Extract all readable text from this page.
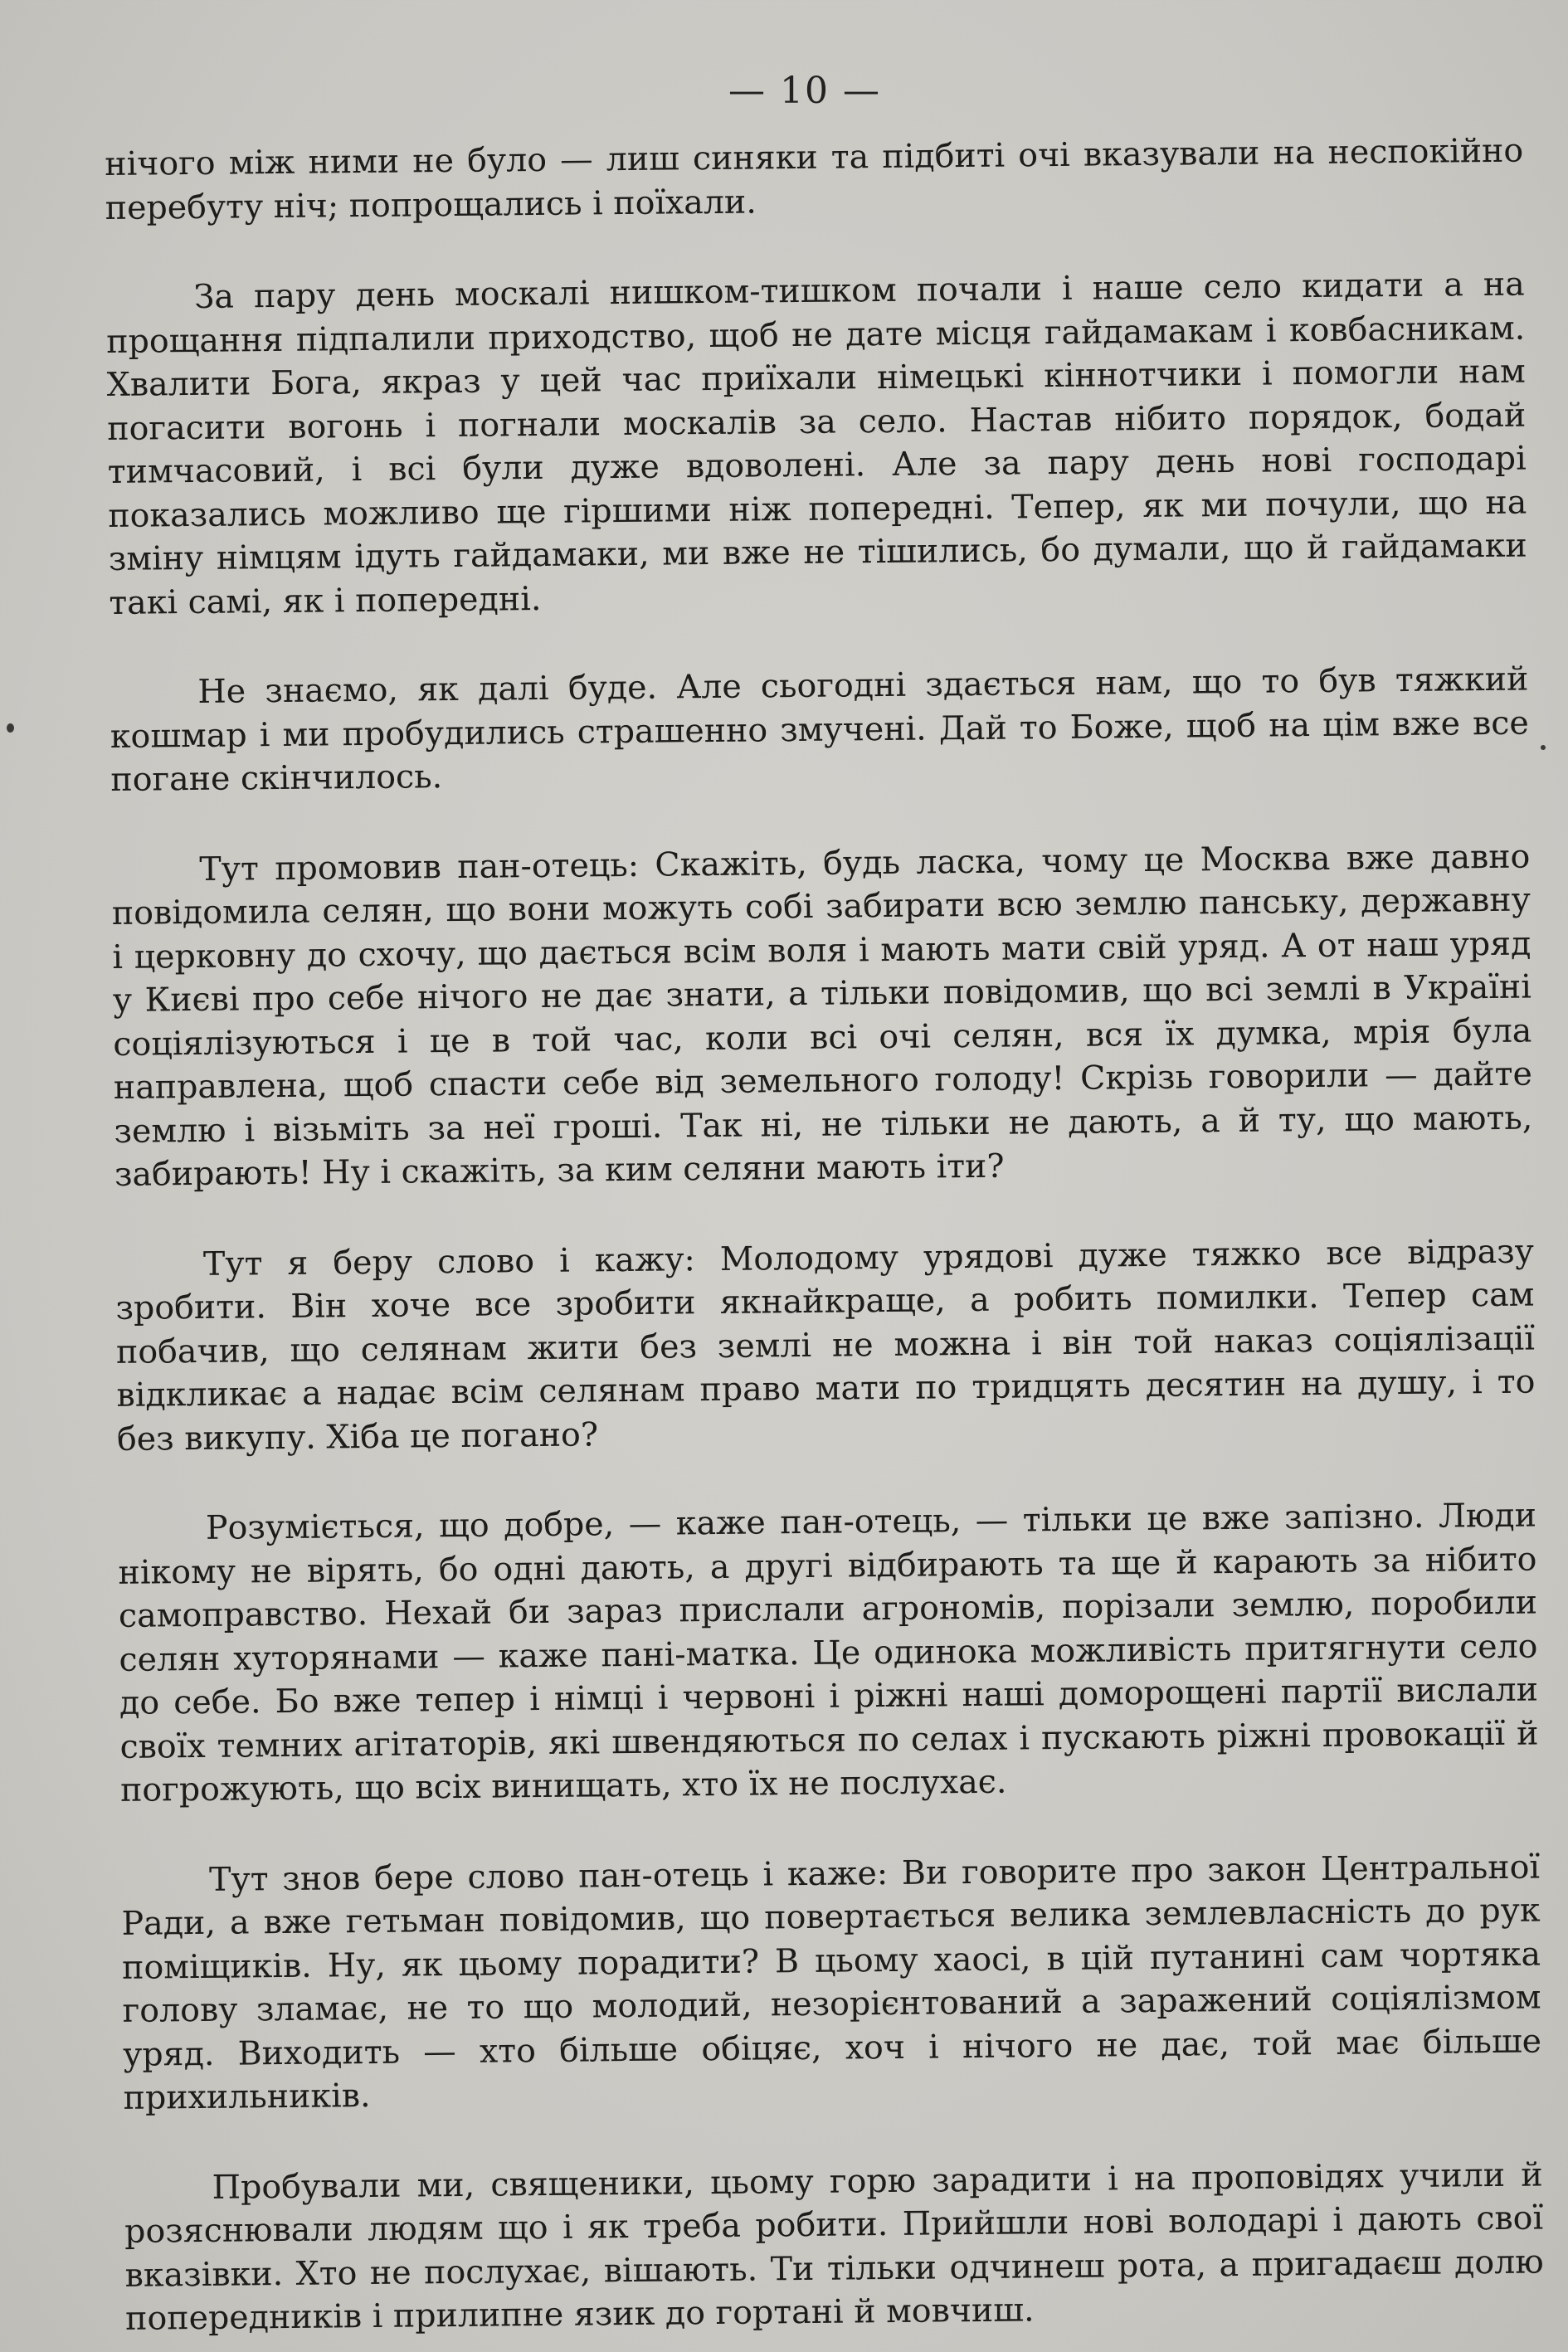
— 10 —

нічого між ними не було — лиш синяки та підбиті очі вказували на неспокійно перебуту ніч; попрощались і поїхали.

За пару день москалі нишком-тишком почали і наше село кидати а на прощання підпалили приходство, щоб не дате місця гайдамакам і ковбасникам. Хвалити Бога, якраз у цей час приїхали німецькі кіннотчики і помогли нам погасити вогонь і погнали москалів за село. Настав нібито порядок, бодай тимчасовий, і всі були дуже вдоволені. Але за пару день нові господарі показались можливо ще гіршими ніж попередні. Тепер, як ми почули, що на зміну німцям ідуть гайдамаки, ми вже не тішились, бо думали, що й гайдамаки такі самі, як і попередні.

Не знаємо, як далі буде. Але сьогодні здається нам, що то був тяжкий кошмар і ми пробудились страшенно змучені. Дай то Боже, щоб на цім вже все погане скінчилось.

Тут промовив пан-отець: Скажіть, будь ласка, чому це Москва вже давно повідомила селян, що вони можуть собі забирати всю землю панську, державну і церковну до схочу, що дається всім воля і мають мати свій уряд. А от наш уряд у Києві про себе нічого не дає знати, а тільки повідомив, що всі землі в Україні соціялізуються і це в той час, коли всі очі селян, вся їх думка, мрія була направлена, щоб спасти себе від земельного голоду! Скрізь говорили — дайте землю і візьміть за неї гроші. Так ні, не тільки не дають, а й ту, що мають, забирають! Ну і скажіть, за ким селяни мають іти?

Тут я беру слово і кажу: Молодому урядові дуже тяжко все відразу зробити. Він хоче все зробити якнайкраще, а робить помилки. Тепер сам побачив, що селянам жити без землі не можна і він той наказ соціялізації відкликає а надає всім селянам право мати по тридцять десятин на душу, і то без викупу. Хіба це погано?

Розуміється, що добре, — каже пан-отець, — тільки це вже запізно. Люди нікому не вірять, бо одні дають, а другі відбирають та ще й карають за нібито самоправство. Нехай би зараз прислали агрономів, порізали землю, поробили селян хуторянами — каже пані-матка. Це одинока можливість притягнути село до себе. Бо вже тепер і німці і червоні і ріжні наші доморощені партії вислали своїх темних агітаторів, які швендяються по селах і пускають ріжні провокації й погрожують, що всіх винищать, хто їх не послухає.

Тут знов бере слово пан-отець і каже: Ви говорите про закон Центральної Ради, а вже гетьман повідомив, що повертається велика землевласність до рук поміщиків. Ну, як цьому порадити? В цьому хаосі, в цій путанині сам чортяка голову зламає, не то що молодий, незорієнтований а заражений соціялізмом уряд. Виходить — хто більше обіцяє, хоч і нічого не дає, той має більше прихильників.

Пробували ми, священики, цьому горю зарадити і на проповідях учили й розяснювали людям що і як треба робити. Прийшли нові володарі і дають свої вказівки. Хто не послухає, вішають. Ти тільки одчинеш рота, а пригадаєш долю попередників і прилипне язик до гортані й мовчиш.
